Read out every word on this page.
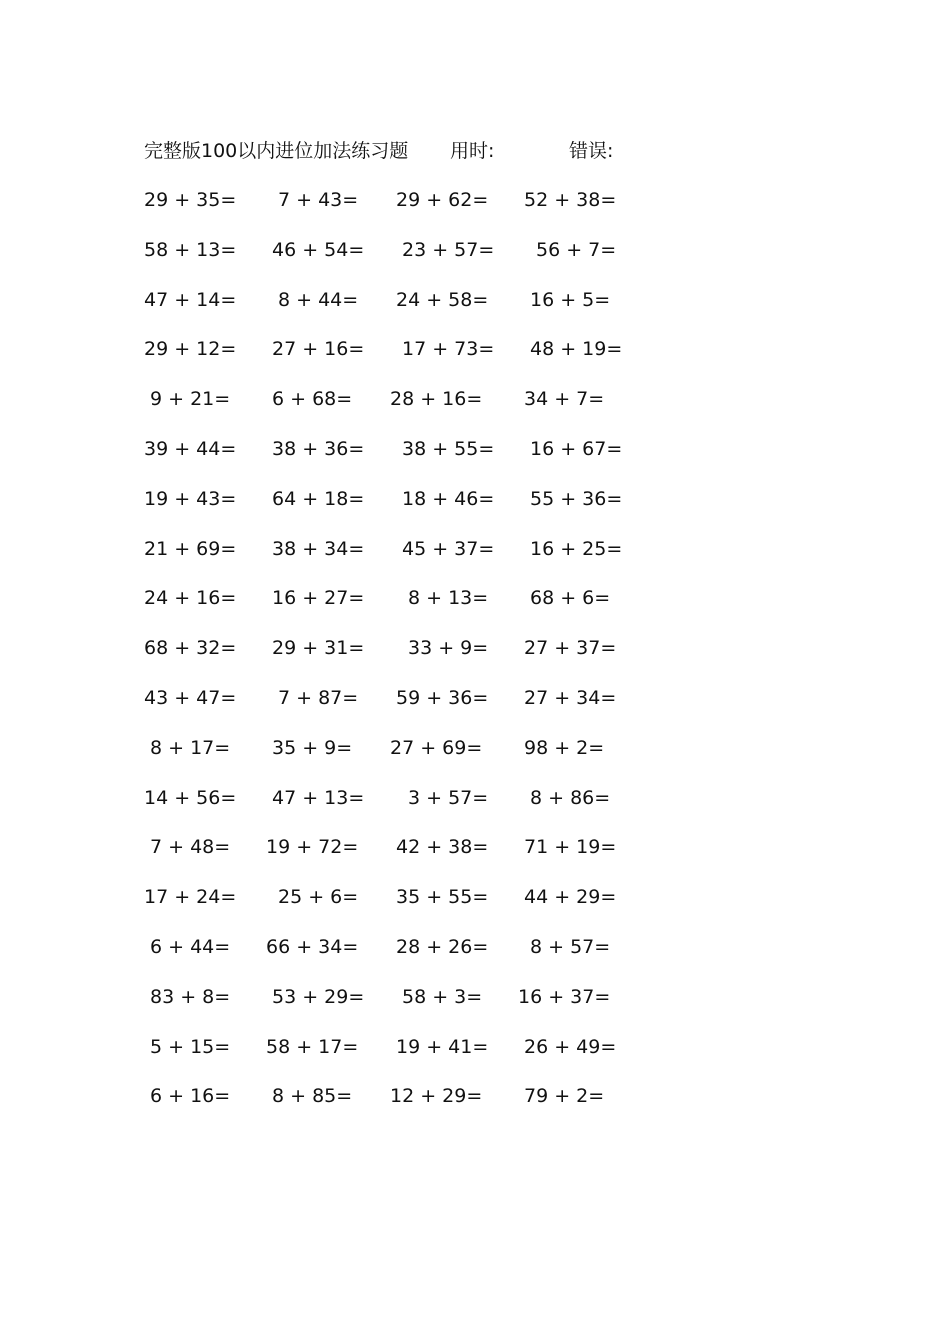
完整版100以内进位加法练习题 用时:	错误:
29 + 35= 7 + 43= 29 + 62= 52 + 38=
58 + 13= 46 + 54= 23 + 57= 56 + 7=
47 + 14= 8 + 44= 24 + 58= 16 + 5=
29 + 12= 27 + 16= 17 + 73= 48 + 19=
9 + 21= 6 + 68= 28 + 16= 34 + 7=
39 + 44= 38 + 36= 38 + 55= 16 + 67=
19 + 43= 64 + 18= 18 + 46= 55 + 36=
21 + 69= 38 + 34= 45 + 37= 16 + 25=
24 + 16= 16 + 27= 8 + 13= 68 + 6=
68 + 32= 29 + 31= 33 + 9= 27 + 37=
43 + 47= 7 + 87= 59 + 36= 27 + 34=
8 + 17= 35 + 9= 27 + 69= 98 + 2=
14 + 56= 47 + 13= 3 + 57= 8 + 86=
7 + 48= 19 + 72= 42 + 38= 71 + 19=
17 + 24= 25 + 6= 35 + 55= 44 + 29=
6 + 44= 66 + 34= 28 + 26= 8 + 57=
83 + 8= 53 + 29= 58 + 3= 16 + 37=
5 + 15= 58 + 17= 19 + 41= 26 + 49=
6 + 16= 8 + 85= 12 + 29= 79 + 2=
